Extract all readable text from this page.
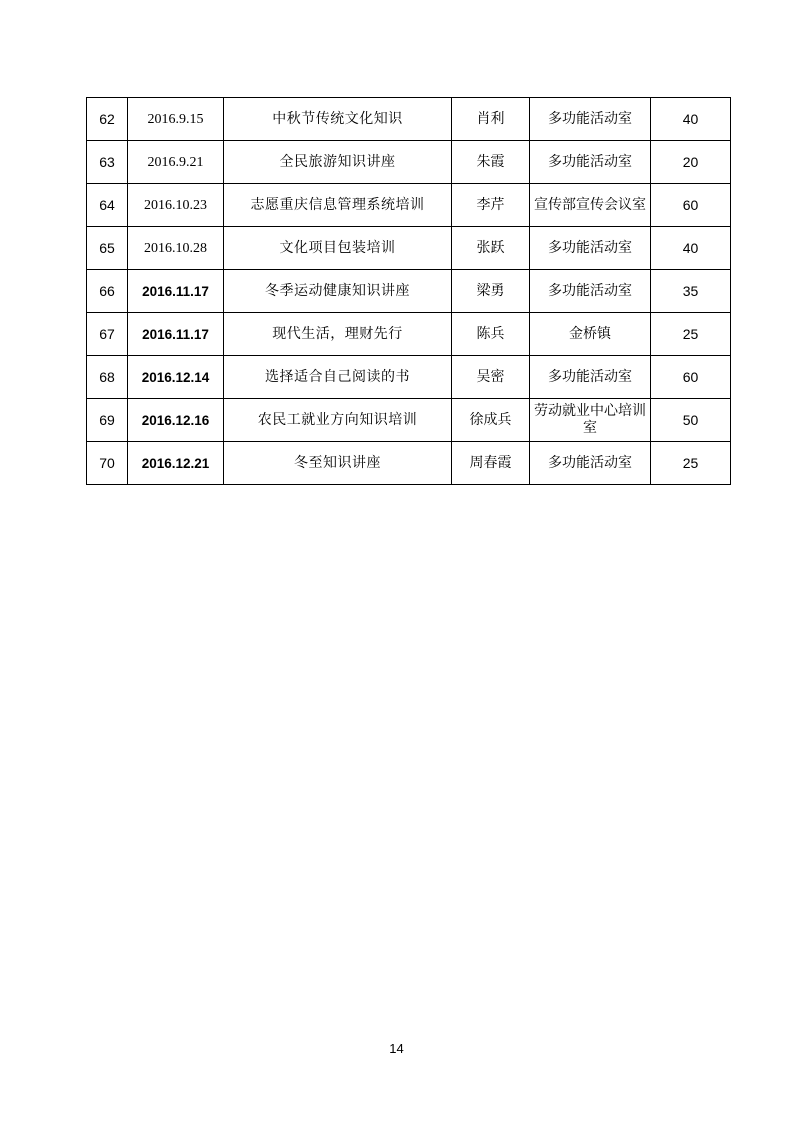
62	2016.9.15	中秋节传统文化知识	肖利	多功能活动室	40
63	2016.9.21	全民旅游知识讲座	朱霞	多功能活动室	20
64	2016.10.23	志愿重庆信息管理系统培训	李芹	宣传部宣传会议室	60
65	2016.10.28	文化项目包装培训	张跃	多功能活动室	40
66	2016.11.17	冬季运动健康知识讲座	梁勇	多功能活动室	35
67	2016.11.17	现代生活，理财先行	陈兵	金桥镇	25
68	2016.12.14	选择适合自己阅读的书	吴密	多功能活动室	60
69	2016.12.16	农民工就业方向知识培训	徐成兵	劳动就业中心培训室	50
70	2016.12.21	冬至知识讲座	周春霞	多功能活动室	25
14
